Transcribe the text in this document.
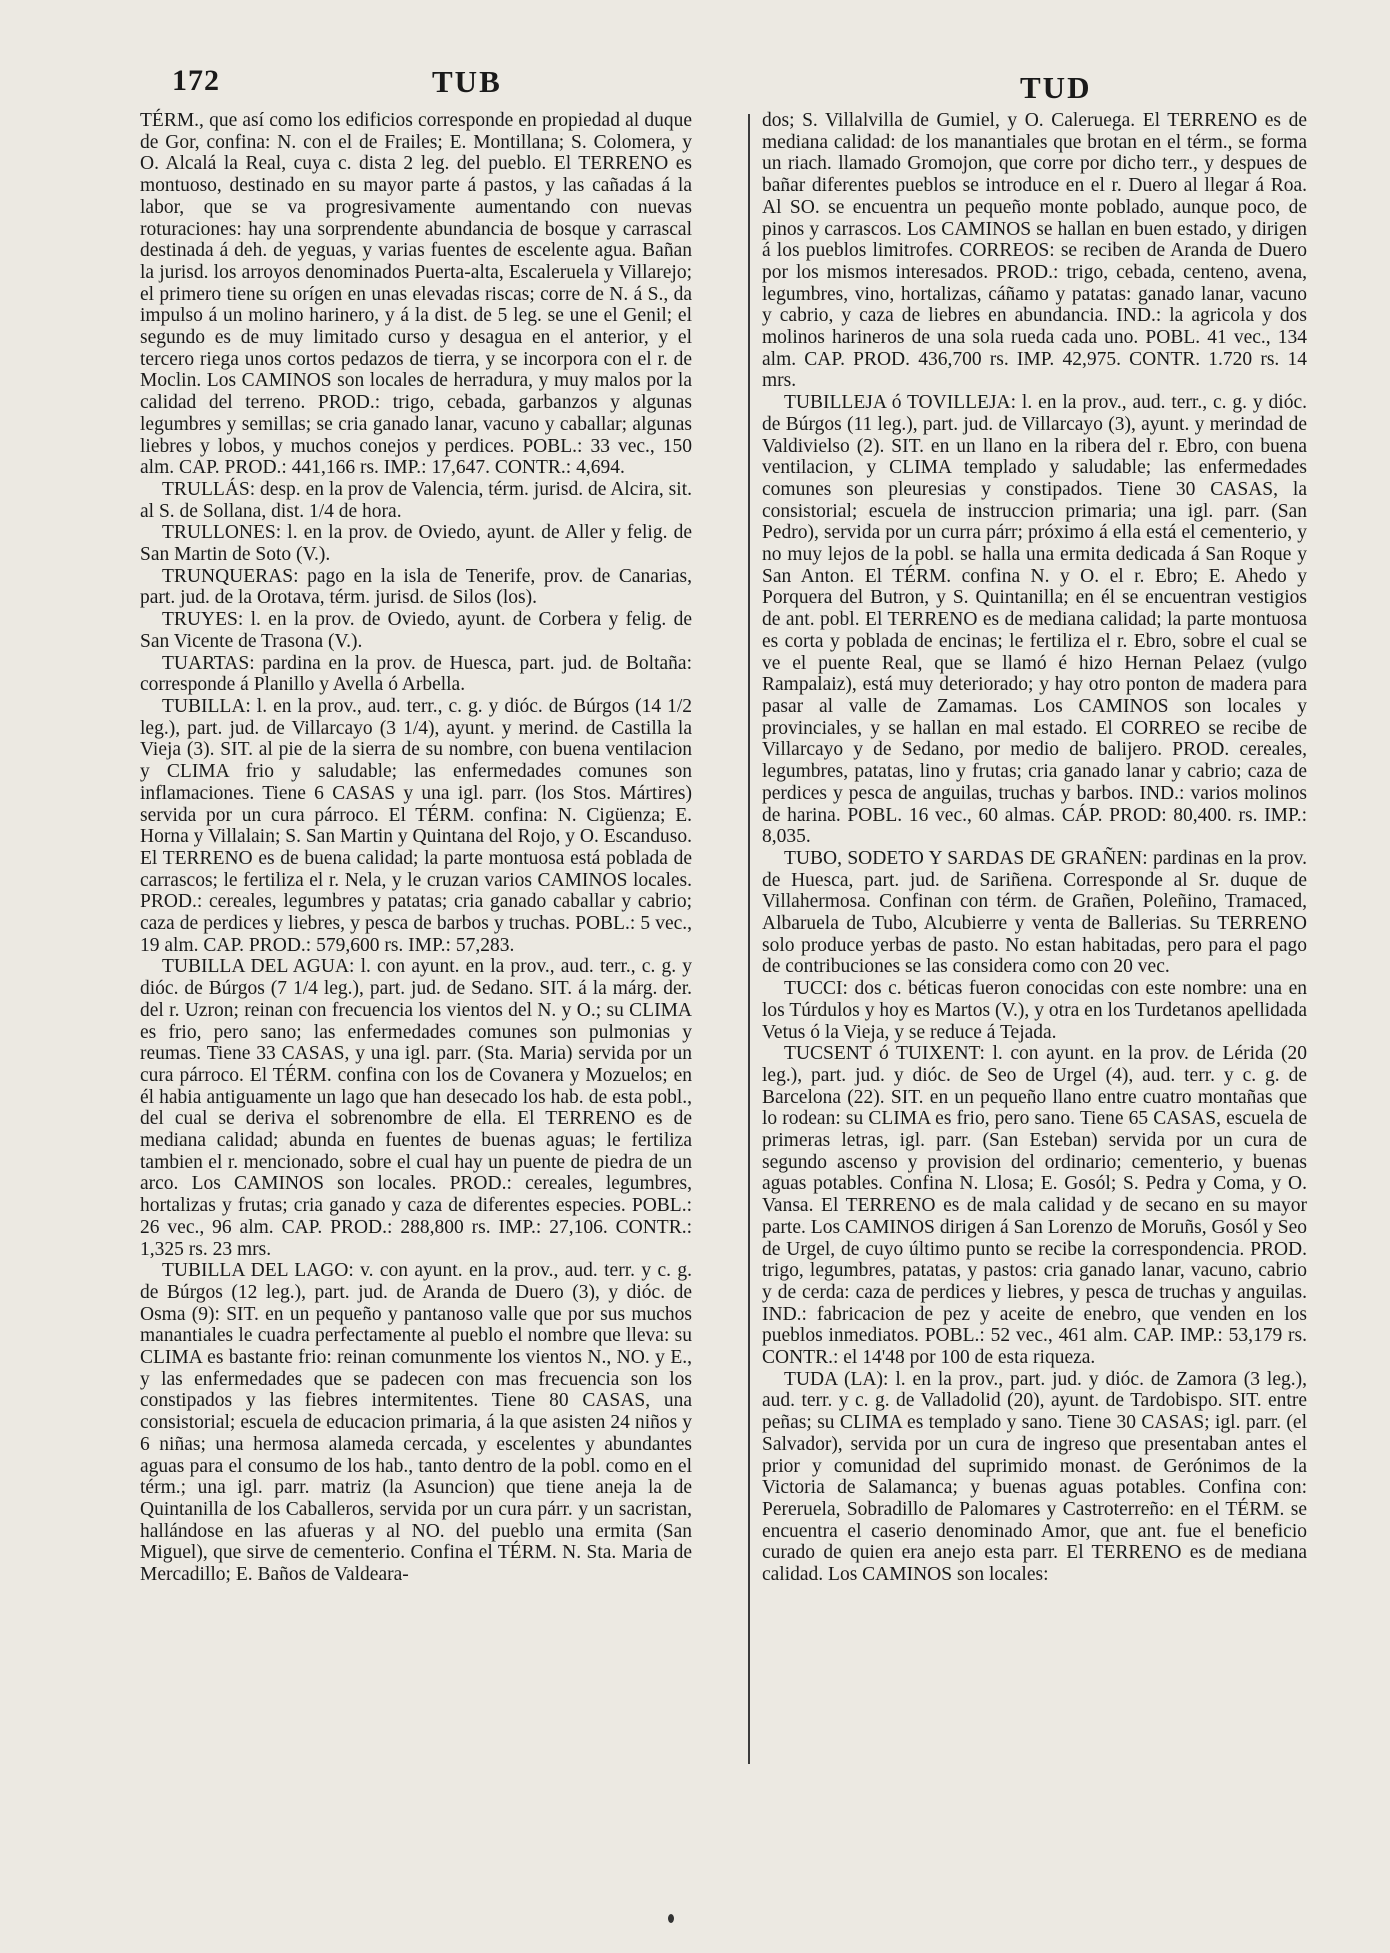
172	TUB	TUD

TÉRM., que así como los edificios corresponde en propiedad al duque de Gor, confina: N. con el de Frailes; E. Montillana; S. Colomera, y O. Alcalá la Real, cuya c. dista 2 leg. del pueblo. El TERRENO es montuoso, destinado en su mayor parte á pastos, y las cañadas á la labor, que se va progresivamente aumentando con nuevas roturaciones: hay una sorprendente abundancia de bosque y carrascal destinada á deh. de yeguas, y varias fuentes de escelente agua. Bañan la jurisd. los arroyos denominados Puerta-alta, Escaleruela y Villarejo; el primero tiene su orígen en unas elevadas riscas; corre de N. á S., da impulso á un molino harinero, y á la dist. de 5 leg. se une el Genil; el segundo es de muy limitado curso y desagua en el anterior, y el tercero riega unos cortos pedazos de tierra, y se incorpora con el r. de Moclin. Los CAMINOS son locales de herradura, y muy malos por la calidad del terreno. PROD.: trigo, cebada, garbanzos y algunas legumbres y semillas; se cria ganado lanar, vacuno y caballar; algunas liebres y lobos, y muchos conejos y perdices. POBL.: 33 vec., 150 alm. CAP. PROD.: 441,166 rs. IMP.: 17,647. CONTR.: 4,694.

TRULLÁS: desp. en la prov de Valencia, térm. jurisd. de Alcira, sit. al S. de Sollana, dist. 1/4 de hora.

TRULLONES: l. en la prov. de Oviedo, ayunt. de Aller y felig. de San Martin de Soto (V.).

TRUNQUERAS: pago en la isla de Tenerife, prov. de Canarias, part. jud. de la Orotava, térm. jurisd. de Silos (los).

TRUYES: l. en la prov. de Oviedo, ayunt. de Corbera y felig. de San Vicente de Trasona (V.).

TUARTAS: pardina en la prov. de Huesca, part. jud. de Boltaña: corresponde á Planillo y Avella ó Arbella.

TUBILLA: l. en la prov., aud. terr., c. g. y dióc. de Búrgos (14 1/2 leg.), part. jud. de Villarcayo (3 1/4), ayunt. y merind. de Castilla la Vieja (3). SIT. al pie de la sierra de su nombre, con buena ventilacion y CLIMA frio y saludable; las enfermedades comunes son inflamaciones. Tiene 6 CASAS y una igl. parr. (los Stos. Mártires) servida por un cura párroco. El TÉRM. confina: N. Cigüenza; E. Horna y Villalain; S. San Martin y Quintana del Rojo, y O. Escanduso. El TERRENO es de buena calidad; la parte montuosa está poblada de carrascos; le fertiliza el r. Nela, y le cruzan varios CAMINOS locales. PROD.: cereales, legumbres y patatas; cria ganado caballar y cabrio; caza de perdices y liebres, y pesca de barbos y truchas. POBL.: 5 vec., 19 alm. CAP. PROD.: 579,600 rs. IMP.: 57,283.

TUBILLA DEL AGUA: l. con ayunt. en la prov., aud. terr., c. g. y dióc. de Búrgos (7 1/4 leg.), part. jud. de Sedano. SIT. á la márg. der. del r. Uzron; reinan con frecuencia los vientos del N. y O.; su CLIMA es frio, pero sano; las enfermedades comunes son pulmonias y reumas. Tiene 33 CASAS, y una igl. parr. (Sta. Maria) servida por un cura párroco. El TÉRM. confina con los de Covanera y Mozuelos; en él habia antiguamente un lago que han desecado los hab. de esta pobl., del cual se deriva el sobrenombre de ella. El TERRENO es de mediana calidad; abunda en fuentes de buenas aguas; le fertiliza tambien el r. mencionado, sobre el cual hay un puente de piedra de un arco. Los CAMINOS son locales. PROD.: cereales, legumbres, hortalizas y frutas; cria ganado y caza de diferentes especies. POBL.: 26 vec., 96 alm. CAP. PROD.: 288,800 rs. IMP.: 27,106. CONTR.: 1,325 rs. 23 mrs.

TUBILLA DEL LAGO: v. con ayunt. en la prov., aud. terr. y c. g. de Búrgos (12 leg.), part. jud. de Aranda de Duero (3), y dióc. de Osma (9): SIT. en un pequeño y pantanoso valle que por sus muchos manantiales le cuadra perfectamente al pueblo el nombre que lleva: su CLIMA es bastante frio: reinan comunmente los vientos N., NO. y E., y las enfermedades que se padecen con mas frecuencia son los constipados y las fiebres intermitentes. Tiene 80 CASAS, una consistorial; escuela de educacion primaria, á la que asisten 24 niños y 6 niñas; una hermosa alameda cercada, y escelentes y abundantes aguas para el consumo de los hab., tanto dentro de la pobl. como en el térm.; una igl. parr. matriz (la Asuncion) que tiene aneja la de Quintanilla de los Caballeros, servida por un cura párr. y un sacristan, hallándose en las afueras y al NO. del pueblo una ermita (San Miguel), que sirve de cementerio. Confina el TÉRM. N. Sta. Maria de Mercadillo; E. Baños de Valdeara-

dos; S. Villalvilla de Gumiel, y O. Caleruega. El TERRENO es de mediana calidad: de los manantiales que brotan en el térm., se forma un riach. llamado Gromojon, que corre por dicho terr., y despues de bañar diferentes pueblos se introduce en el r. Duero al llegar á Roa. Al SO. se encuentra un pequeño monte poblado, aunque poco, de pinos y carrascos. Los CAMINOS se hallan en buen estado, y dirigen á los pueblos limitrofes. CORREOS: se reciben de Aranda de Duero por los mismos interesados. PROD.: trigo, cebada, centeno, avena, legumbres, vino, hortalizas, cáñamo y patatas: ganado lanar, vacuno y cabrio, y caza de liebres en abundancia. IND.: la agricola y dos molinos harineros de una sola rueda cada uno. POBL. 41 vec., 134 alm. CAP. PROD. 436,700 rs. IMP. 42,975. CONTR. 1.720 rs. 14 mrs.

TUBILLEJA ó TOVILLEJA: l. en la prov., aud. terr., c. g. y dióc. de Búrgos (11 leg.), part. jud. de Villarcayo (3), ayunt. y merindad de Valdivielso (2). SIT. en un llano en la ribera del r. Ebro, con buena ventilacion, y CLIMA templado y saludable; las enfermedades comunes son pleuresias y constipados. Tiene 30 CASAS, la consistorial; escuela de instruccion primaria; una igl. parr. (San Pedro), servida por un curra párr; próximo á ella está el cementerio, y no muy lejos de la pobl. se halla una ermita dedicada á San Roque y San Anton. El TÉRM. confina N. y O. el r. Ebro; E. Ahedo y Porquera del Butron, y S. Quintanilla; en él se encuentran vestigios de ant. pobl. El TERRENO es de mediana calidad; la parte montuosa es corta y poblada de encinas; le fertiliza el r. Ebro, sobre el cual se ve el puente Real, que se llamó é hizo Hernan Pelaez (vulgo Rampalaiz), está muy deteriorado; y hay otro ponton de madera para pasar al valle de Zamamas. Los CAMINOS son locales y provinciales, y se hallan en mal estado. El CORREO se recibe de Villarcayo y de Sedano, por medio de balijero. PROD. cereales, legumbres, patatas, lino y frutas; cria ganado lanar y cabrio; caza de perdices y pesca de anguilas, truchas y barbos. IND.: varios molinos de harina. POBL. 16 vec., 60 almas. CÁP. PROD: 80,400. rs. IMP.: 8,035.

TUBO, SODETO Y SARDAS DE GRAÑEN: pardinas en la prov. de Huesca, part. jud. de Sariñena. Corresponde al Sr. duque de Villahermosa. Confinan con térm. de Grañen, Poleñino, Tramaced, Albaruela de Tubo, Alcubierre y venta de Ballerias. Su TERRENO solo produce yerbas de pasto. No estan habitadas, pero para el pago de contribuciones se las considera como con 20 vec.

TUCCI: dos c. béticas fueron conocidas con este nombre: una en los Túrdulos y hoy es Martos (V.), y otra en los Turdetanos apellidada Vetus ó la Vieja, y se reduce á Tejada.

TUCSENT ó TUIXENT: l. con ayunt. en la prov. de Lérida (20 leg.), part. jud. y dióc. de Seo de Urgel (4), aud. terr. y c. g. de Barcelona (22). SIT. en un pequeño llano entre cuatro montañas que lo rodean: su CLIMA es frio, pero sano. Tiene 65 CASAS, escuela de primeras letras, igl. parr. (San Esteban) servida por un cura de segundo ascenso y provision del ordinario; cementerio, y buenas aguas potables. Confina N. Llosa; E. Gosól; S. Pedra y Coma, y O. Vansa. El TERRENO es de mala calidad y de secano en su mayor parte. Los CAMINOS dirigen á San Lorenzo de Moruñs, Gosól y Seo de Urgel, de cuyo último punto se recibe la correspondencia. PROD. trigo, legumbres, patatas, y pastos: cria ganado lanar, vacuno, cabrio y de cerda: caza de perdices y liebres, y pesca de truchas y anguilas. IND.: fabricacion de pez y aceite de enebro, que venden en los pueblos inmediatos. POBL.: 52 vec., 461 alm. CAP. IMP.: 53,179 rs. CONTR.: el 14'48 por 100 de esta riqueza.

TUDA (LA): l. en la prov., part. jud. y dióc. de Zamora (3 leg.), aud. terr. y c. g. de Valladolid (20), ayunt. de Tardobispo. SIT. entre peñas; su CLIMA es templado y sano. Tiene 30 CASAS; igl. parr. (el Salvador), servida por un cura de ingreso que presentaban antes el prior y comunidad del suprimido monast. de Gerónimos de la Victoria de Salamanca; y buenas aguas potables. Confina con: Pereruela, Sobradillo de Palomares y Castroterreño: en el TÉRM. se encuentra el caserio denominado Amor, que ant. fue el beneficio curado de quien era anejo esta parr. El TERRENO es de mediana calidad. Los CAMINOS son locales:
